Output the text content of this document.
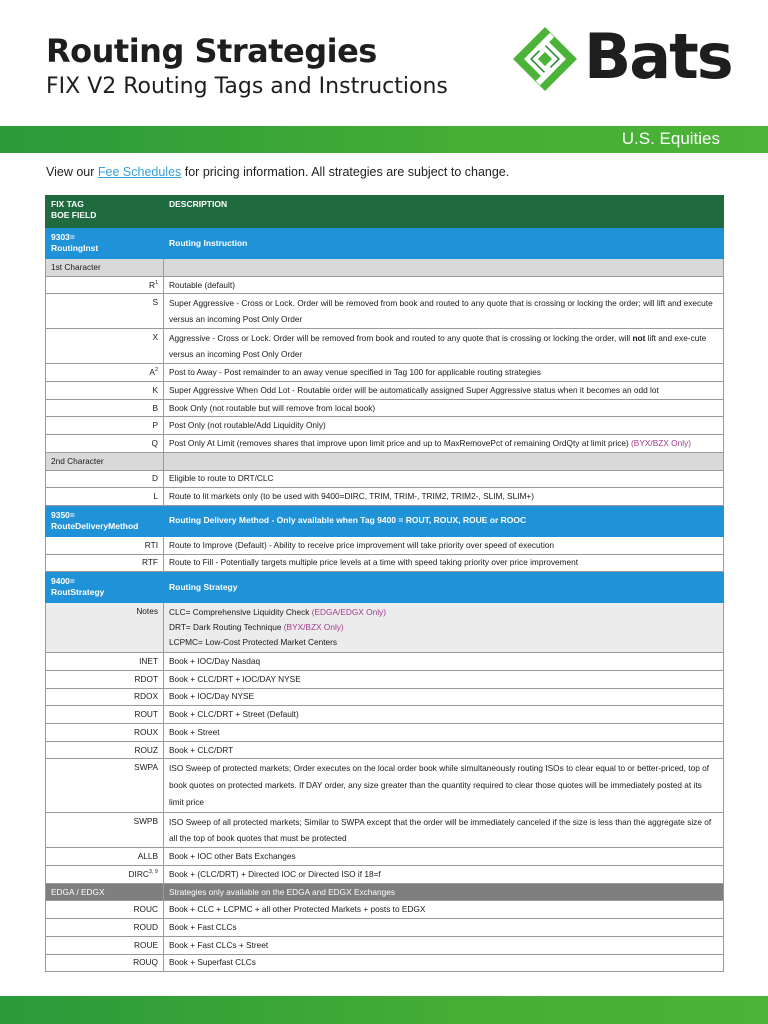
Routing Strategies
FIX V2 Routing Tags and Instructions Bats
U.S. Equities
View our Fee Schedules for pricing information. All strategies are subject to change.
FIX TAG
BOE FIELD	DESCRIPTION

9303=
RoutingInst	Routing Instruction
1st Character	
$R^1$	Routable (default)
S	Super Aggressive - Cross or Lock. Order will be removed from book and routed to any quote that is crossing or locking the order; will lift and execute versus an incoming Post Only Order
X	Aggressive - Cross or Lock. Order will be removed from book and routed to any quote that is crossing or locking the order, will not lift and exe-cute versus an incoming Post Only Order
$A^2$	Post to Away - Post remainder to an away venue specified in Tag 100 for applicable routing strategies
K	Super Aggressive When Odd Lot - Routable order will be automatically assigned Super Aggressive status when it becomes an odd lot
B	Book Only (not routable but will remove from local book)
P	Post Only (not routable/Add Liquidity Only)
Q	Post Only At Limit (removes shares that improve upon limit price and up to MaxRemovePct of remaining OrdQty at limit price) (BYX/BZX Only)
2nd Character	
D	Eligible to route to DRT/CLC
L	Route to lit markets only (to be used with 9400=DIRC, TRIM, TRIM-, TRIM2, TRIM2-, SLIM, SLIM+)

9350=
RouteDeliveryMethod	Routing Delivery Method - Only available when Tag 9400 = ROUT, ROUX, ROUE or ROOC
RTI	Route to Improve (Default) - Ability to receive price improvement will take priority over speed of execution
RTF	Route to Fill - Potentially targets multiple price levels at a time with speed taking priority over price improvement

9400=
RoutStrategy	Routing Strategy
Notes	CLC= Comprehensive Liquidity Check (EDGA/EDGX Only)
DRT= Dark Routing Technique (BYX/BZX Only)
LCPMC= Low-Cost Protected Market Centers

INET	Book + IOC/Day Nasdaq
RDOT	Book + CLC/DRT + IOC/DAY NYSE
RDOX	Book + IOC/Day NYSE
ROUT	Book + CLC/DRT + Street (Default)
ROUX	Book + Street
ROUZ	Book + CLC/DRT
SWPA	ISO Sweep of protected markets; Order executes on the local order book while simultaneously routing ISOs to clear equal to or better-priced, top of book quotes on protected markets. If DAY order, any size greater than the quantity required to clear those quotes will be immediately posted at its limit price
SWPB	ISO Sweep of all protected markets; Similar to SWPA except that the order will be immediately canceled if the size is less than the aggregate size of all the top of book quotes that must be protected
ALLB	Book + IOC other Bats Exchanges
DIRC$^{3, 9}$	Book + (CLC/DRT) + Directed IOC or Directed ISO if 18=f
EDGA / EDGX	Strategies only available on the EDGA and EDGX Exchanges
ROUC	Book + CLC + LCPMC + all other Protected Markets + posts to EDGX
ROUD	Book + Fast CLCs
ROUE	Book + Fast CLCs + Street
ROUQ	Book + Superfast CLCs
